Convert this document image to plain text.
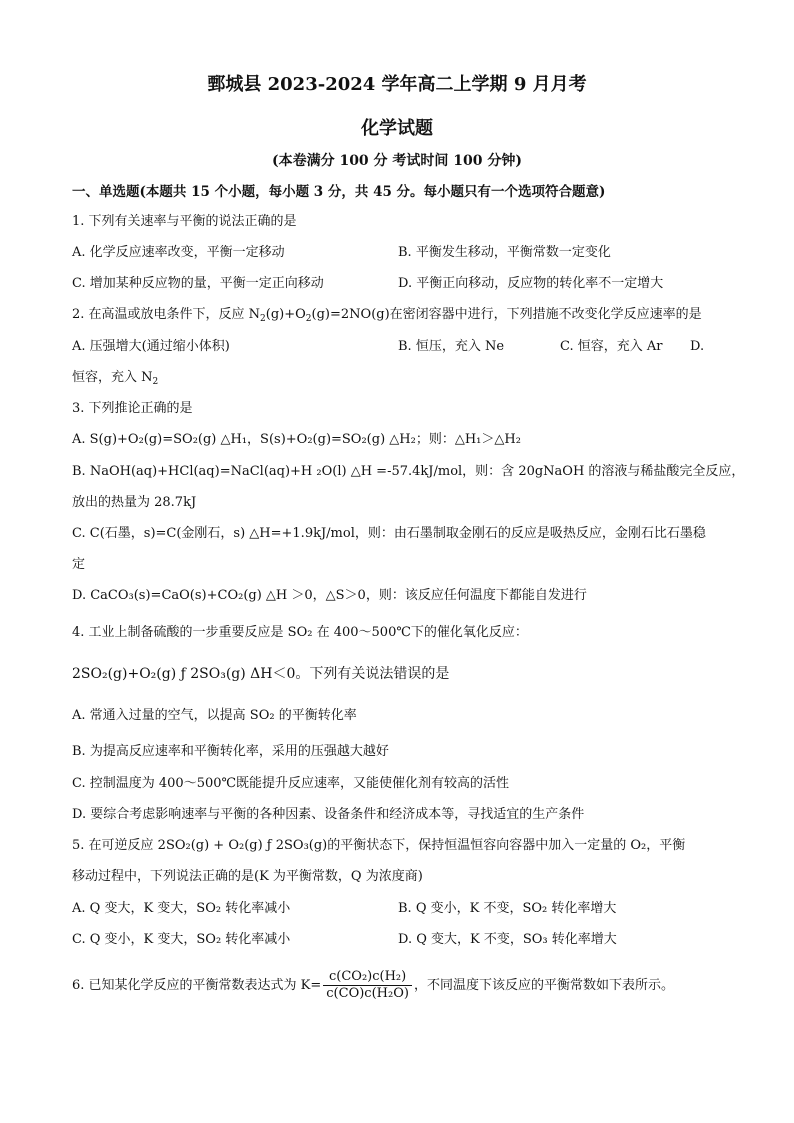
鄄城县 2023-2024 学年高二上学期 9 月月考
化学试题
(本卷满分 100 分 考试时间 100 分钟)
一、单选题(本题共 15 个小题，每小题 3 分，共 45 分。每小题只有一个选项符合题意)
1. 下列有关速率与平衡的说法正确的是
A. 化学反应速率改变，平衡一定移动	B. 平衡发生移动，平衡常数一定变化
C. 增加某种反应物的量，平衡一定正向移动	D. 平衡正向移动，反应物的转化率不一定增大
2. 在高温或放电条件下，反应 $N_2(g)+O_2(g)=2NO(g)$在密闭容器中进行，下列措施不改变化学反应速率的是
A. 压强增大(通过缩小体积)	B. 恒压，充入 Ne	C. 恒容，充入 Ar D.
恒容，充入 $N_2$
3. 下列推论正确的是
A. S(g)+O₂(g)=SO₂(g) △H₁，S(s)+O₂(g)=SO₂(g) △H₂；则：△H₁＞△H₂
B. NaOH(aq)+HCl(aq)=NaCl(aq)+H ₂O(l) △H =-57.4kJ/mol，则：含 20gNaOH 的溶液与稀盐酸完全反应，
放出的热量为 28.7kJ
C. C(石墨，s)=C(金刚石，s) △H=+1.9kJ/mol，则：由石墨制取金刚石的反应是吸热反应，金刚石比石墨稳
定
D. CaCO₃(s)=CaO(s)+CO₂(g) △H ＞0，△S＞0，则：该反应任何温度下都能自发进行
4. 工业上制备硫酸的一步重要反应是 SO₂ 在 400～500℃下的催化氧化反应：
2SO₂(g)+O₂(g) ƒ 2SO₃(g) ΔH＜0。下列有关说法错误的是
A. 常通入过量的空气，以提高 SO₂ 的平衡转化率
B. 为提高反应速率和平衡转化率，采用的压强越大越好
C. 控制温度为 400～500℃既能提升反应速率，又能使催化剂有较高的活性
D. 要综合考虑影响速率与平衡的各种因素、设备条件和经济成本等，寻找适宜的生产条件
5. 在可逆反应 2SO₂(g) + O₂(g) ƒ 2SO₃(g)的平衡状态下，保持恒温恒容向容器中加入一定量的 O₂，平衡
移动过程中，下列说法正确的是(K 为平衡常数，Q 为浓度商)
A. Q 变大，K 变大，SO₂ 转化率减小	B. Q 变小，K 不变，SO₂ 转化率增大
C. Q 变小，K 变大，SO₂ 转化率减小	D. Q 变大，K 不变，SO₃ 转化率增大
6. 已知某化学反应的平衡常数表达式为 $K= \frac{\text{c(CO₂)c(H₂)}}{\text{c(CO)c(H₂O)}}$ ，不同温度下该反应的平衡常数如下表所示。
